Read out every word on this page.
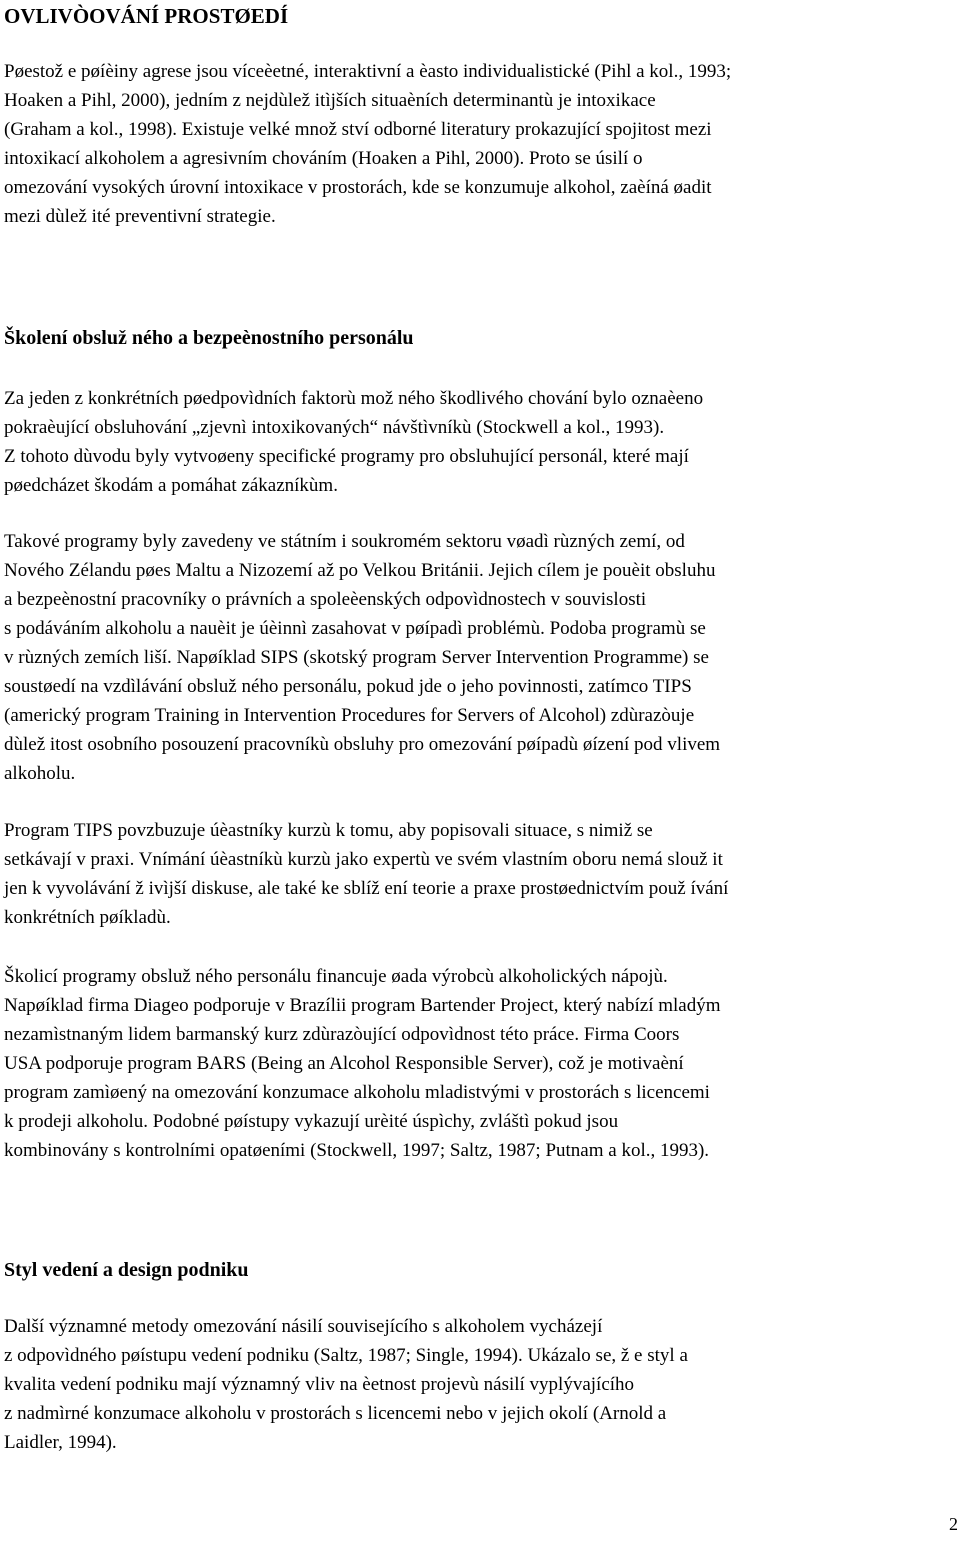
OVLIVÒOVÁNÍ PROSTØEDÍ

Pøestož e pøíèiny agrese jsou víceèetné, interaktivní a èasto individualistické (Pihl a kol., 1993;
Hoaken a Pihl, 2000), jedním z nejdùlež itìjších situaèních determinantù je intoxikace
(Graham a kol., 1998). Existuje velké množ ství odborné literatury prokazující spojitost mezi
intoxikací alkoholem a agresivním chováním (Hoaken a Pihl, 2000). Proto se úsilí o
omezování vysokých úrovní intoxikace v prostorách, kde se konzumuje alkohol, zaèíná øadit
mezi dùlež ité preventivní strategie.

Školení obsluž ného a bezpeènostního personálu

Za jeden z konkrétních pøedpovìdních faktorù mož ného škodlivého chování bylo oznaèeno
pokraèující obsluhování „zjevnì intoxikovaných“ návštìvníkù (Stockwell a kol., 1993).
Z tohoto dùvodu byly vytvoøeny specifické programy pro obsluhující personál, které mají
pøedcházet škodám a pomáhat zákazníkùm.

Takové programy byly zavedeny ve státním i soukromém sektoru vøadì rùzných zemí, od
Nového Zélandu pøes Maltu a Nizozemí až po Velkou Británii. Jejich cílem je pouèit obsluhu
a bezpeènostní pracovníky o právních a spoleèenských odpovìdnostech v souvislosti
s podáváním alkoholu a nauèit je úèinnì zasahovat v pøípadì problémù. Podoba programù se
v rùzných zemích liší. Napøíklad SIPS (skotský program Server Intervention Programme) se
soustøedí na vzdìlávání obsluž ného personálu, pokud jde o jeho povinnosti, zatímco TIPS
(americký program Training in Intervention Procedures for Servers of Alcohol) zdùrazòuje
dùlež itost osobního posouzení pracovníkù obsluhy pro omezování pøípadù øízení pod vlivem
alkoholu.

Program TIPS povzbuzuje úèastníky kurzù k tomu, aby popisovali situace, s nimiž se
setkávají v praxi. Vnímání úèastníkù kurzù jako expertù ve svém vlastním oboru nemá slouž it
jen k vyvolávání ž ivìjší diskuse, ale také ke sblíž ení teorie a praxe prostøednictvím použ ívání
konkrétních pøíkladù.

Školicí programy obsluž ného personálu financuje øada výrobcù alkoholických nápojù.
Napøíklad firma Diageo podporuje v Brazílii program Bartender Project, který nabízí mladým
nezamìstnaným lidem barmanský kurz zdùrazòující odpovìdnost této práce. Firma Coors
USA podporuje program BARS (Being an Alcohol Responsible Server), což je motivaèní
program zamìøený na omezování konzumace alkoholu mladistvými v prostorách s licencemi
k prodeji alkoholu. Podobné pøístupy vykazují urèité úspìchy, zvláštì pokud jsou
kombinovány s kontrolními opatøeními (Stockwell, 1997; Saltz, 1987; Putnam a kol., 1993).

Styl vedení a design podniku

Další významné metody omezování násilí souvisejícího s alkoholem vycházejí
z odpovìdného pøístupu vedení podniku (Saltz, 1987; Single, 1994). Ukázalo se, ž e styl a
kvalita vedení podniku mají významný vliv na èetnost projevù násilí vyplývajícího
z nadmìrné konzumace alkoholu v prostorách s licencemi nebo v jejich okolí (Arnold a
Laidler, 1994).

2
